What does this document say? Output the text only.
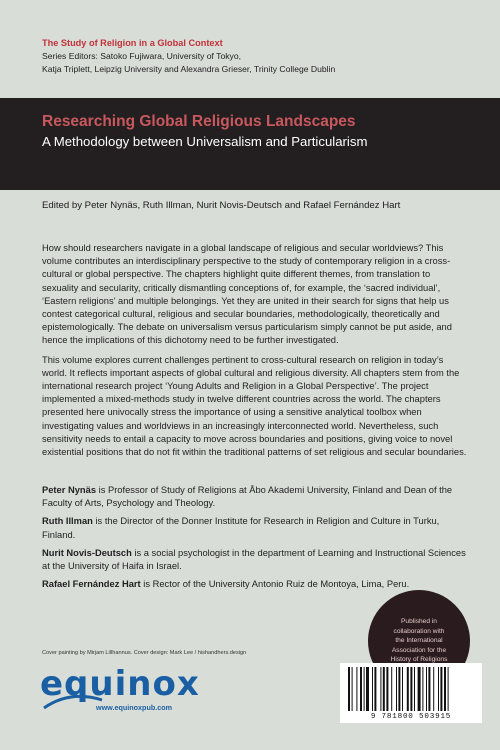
The Study of Religion in a Global Context
Series Editors: Satoko Fujiwara, University of Tokyo,
Katja Triplett, Leipzig University and Alexandra Grieser, Trinity College Dublin
Researching Global Religious Landscapes
A Methodology between Universalism and Particularism
Edited by Peter Nynäs, Ruth Illman, Nurit Novis-Deutsch and Rafael Fernández Hart

How should researchers navigate in a global landscape of religious and secular worldviews? This volume contributes an interdisciplinary perspective to the study of contemporary religion in a cross-cultural or global perspective. The chapters highlight quite different themes, from translation to sexuality and secularity, critically dismantling conceptions of, for example, the ‘sacred individual’, ‘Eastern religions’ and multiple belongings. Yet they are united in their search for signs that help us contest categorical cultural, religious and secular boundaries, methodologically, theoretically and epistemologically. The debate on universalism versus particularism simply cannot be put aside, and hence the implications of this dichotomy need to be further investigated.

This volume explores current challenges pertinent to cross-cultural research on religion in today’s world. It reflects important aspects of global cultural and religious diversity. All chapters stem from the international research project ‘Young Adults and Religion in a Global Perspective’. The project implemented a mixed-methods study in twelve different countries across the world. The chapters presented here univocally stress the importance of using a sensitive analytical toolbox when investigating values and worldviews in an increasingly interconnected world. Nevertheless, such sensitivity needs to entail a capacity to move across boundaries and positions, giving voice to novel existential positions that do not fit within the traditional patterns of set religious and secular boundaries.

Peter Nynäs is Professor of Study of Religions at Åbo Akademi University, Finland and Dean of the Faculty of Arts, Psychology and Theology.
Ruth Illman is the Director of the Donner Institute for Research in Religion and Culture in Turku, Finland.
Nurit Novis-Deutsch is a social psychologist in the department of Learning and Instructional Sciences at the University of Haifa in Israel.
Rafael Fernández Hart is Rector of the University Antonio Ruiz de Montoya, Lima, Peru.
Published in collaboration with the International Association for the History of Religions
Cover painting by Mirjam Lillhannus. Cover design: Mark Lee / hishandhers.design
equinox
www.equinoxpub.com
9 781800 503915
